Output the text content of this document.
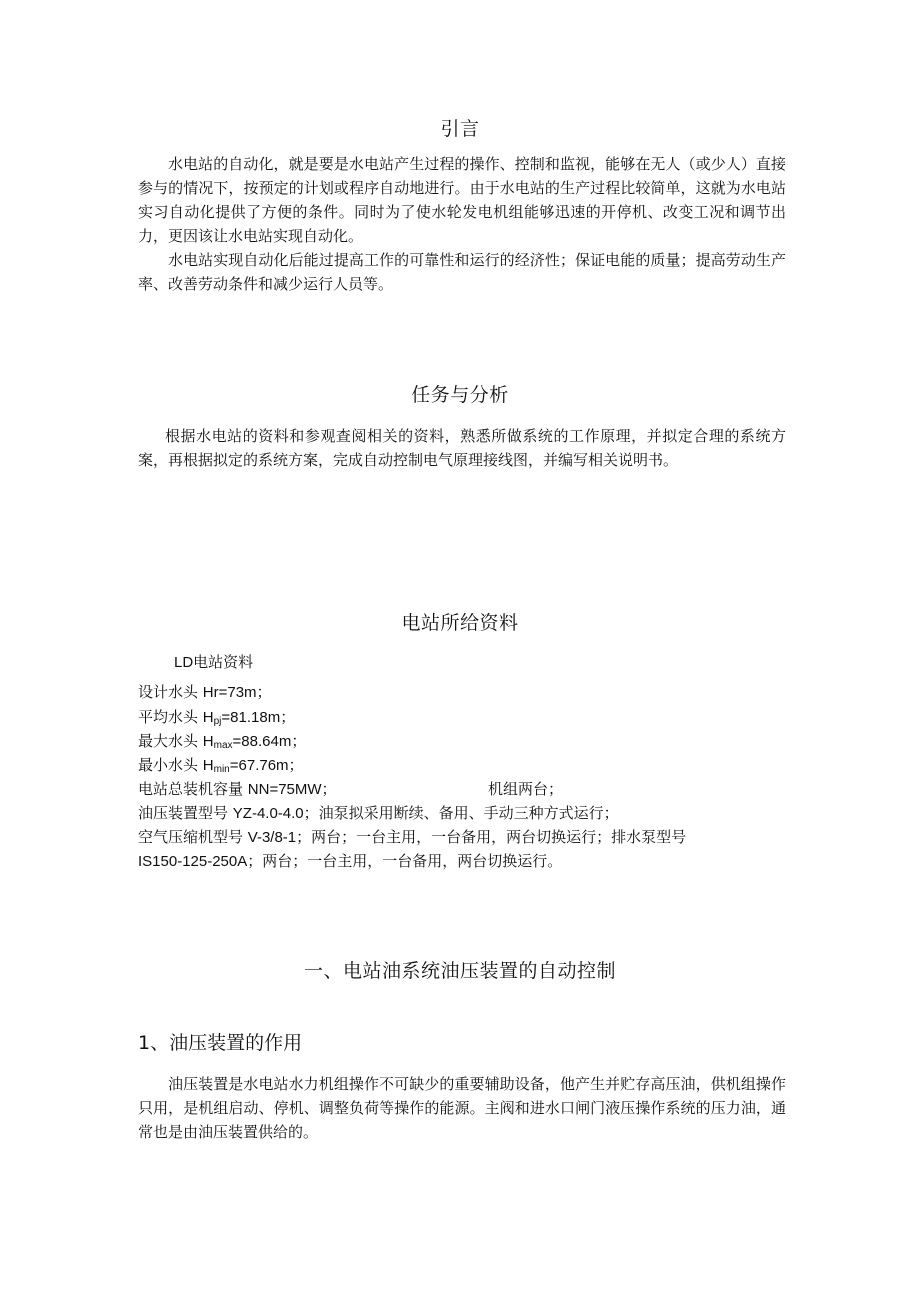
引言

水电站的自动化，就是要是水电站产生过程的操作、控制和监视，能够在无人（或少人）直接参与的情况下，按预定的计划或程序自动地进行。由于水电站的生产过程比较简单，这就为水电站实习自动化提供了方便的条件。同时为了使水轮发电机组能够迅速的开停机、改变工况和调节出力，更因该让水电站实现自动化。

水电站实现自动化后能过提高工作的可靠性和运行的经济性；保证电能的质量；提高劳动生产率、改善劳动条件和减少运行人员等。

任务与分析

根据水电站的资料和参观查阅相关的资料，熟悉所做系统的工作原理，并拟定合理的系统方案，再根据拟定的系统方案，完成自动控制电气原理接线图，并编写相关说明书。

电站所给资料

LD电站资料

设计水头 Hr=73m；

平均水头 $H_{pj}=81.18m$；

最大水头 $H_{max}=88.64m$；

最小水头 $H_{min}=67.76m$；

电站总装机容量 NN=75MW；	机组两台；

油压装置型号 YZ-4.0-4.0；油泵拟采用断续、备用、手动三种方式运行；

空气压缩机型号 V-3/8-1；两台；一台主用，一台备用，两台切换运行；排水泵型号

IS150-125-250A；两台；一台主用，一台备用，两台切换运行。

一、电站油系统油压装置的自动控制
1、油压装置的作用

油压装置是水电站水力机组操作不可缺少的重要辅助设备，他产生并贮存高压油，供机组操作只用，是机组启动、停机、调整负荷等操作的能源。主阀和进水口闸门液压操作系统的压力油，通常也是由油压装置供给的。
